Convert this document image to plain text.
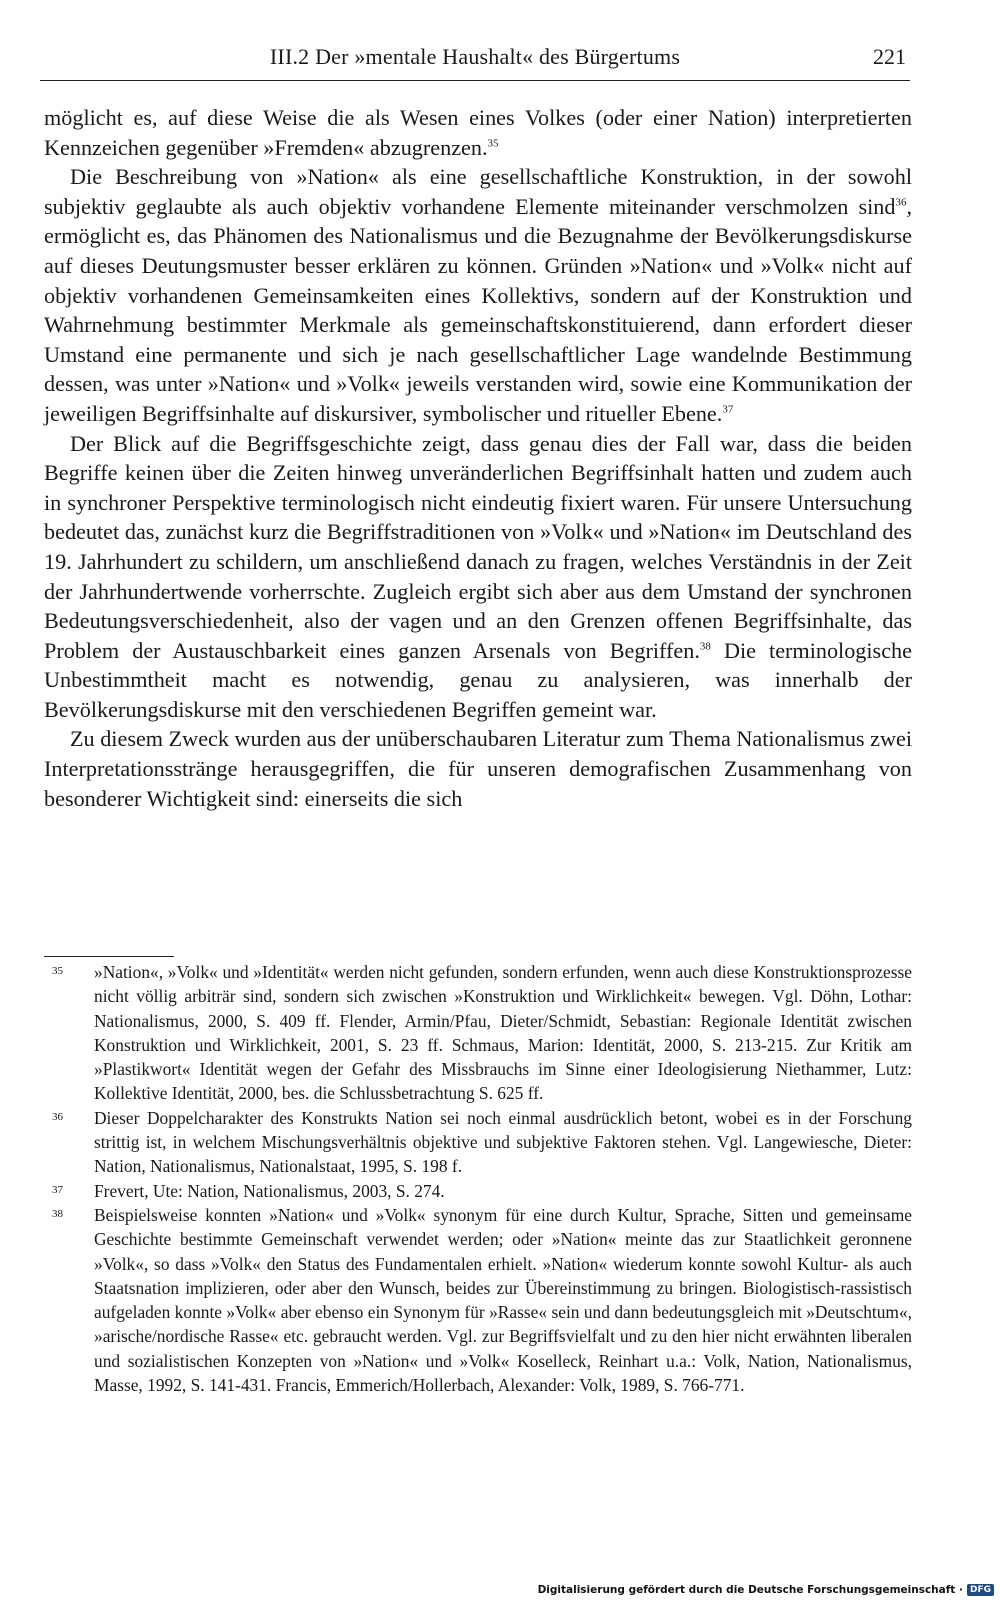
III.2 Der »mentale Haushalt« des Bürgertums	221

möglicht es, auf diese Weise die als Wesen eines Volkes (oder einer Nation) interpretierten Kennzeichen gegenüber »Fremden« abzugrenzen.$^{35}$

Die Beschreibung von »Nation« als eine gesellschaftliche Konstruktion, in der sowohl subjektiv geglaubte als auch objektiv vorhandene Elemente miteinander verschmolzen sind$^{36}$, ermöglicht es, das Phänomen des Nationalismus und die Bezugnahme der Bevölkerungsdiskurse auf dieses Deutungsmuster besser erklären zu können. Gründen »Nation« und »Volk« nicht auf objektiv vorhandenen Gemeinsamkeiten eines Kollektivs, sondern auf der Konstruktion und Wahrnehmung bestimmter Merkmale als gemeinschaftskonstituierend, dann erfordert dieser Umstand eine permanente und sich je nach gesellschaftlicher Lage wandelnde Bestimmung dessen, was unter »Nation« und »Volk« jeweils verstanden wird, sowie eine Kommunikation der jeweiligen Begriffsinhalte auf diskursiver, symbolischer und ritueller Ebene.$^{37}$

Der Blick auf die Begriffsgeschichte zeigt, dass genau dies der Fall war, dass die beiden Begriffe keinen über die Zeiten hinweg unveränderlichen Begriffsinhalt hatten und zudem auch in synchroner Perspektive terminologisch nicht eindeutig fixiert waren. Für unsere Untersuchung bedeutet das, zunächst kurz die Begriffstraditionen von »Volk« und »Nation« im Deutschland des 19. Jahrhundert zu schildern, um anschließend danach zu fragen, welches Verständnis in der Zeit der Jahrhundertwende vorherrschte. Zugleich ergibt sich aber aus dem Umstand der synchronen Bedeutungsverschiedenheit, also der vagen und an den Grenzen offenen Begriffsinhalte, das Problem der Austauschbarkeit eines ganzen Arsenals von Begriffen.$^{38}$ Die terminologische Unbestimmtheit macht es notwendig, genau zu analysieren, was innerhalb der Bevölkerungsdiskurse mit den verschiedenen Begriffen gemeint war.

Zu diesem Zweck wurden aus der unüberschaubaren Literatur zum Thema Nationalismus zwei Interpretationsstränge herausgegriffen, die für unseren demografischen Zusammenhang von besonderer Wichtigkeit sind: einerseits die sich

35	»Nation«, »Volk« und »Identität« werden nicht gefunden, sondern erfunden, wenn auch diese Konstruktionsprozesse nicht völlig arbiträr sind, sondern sich zwischen »Konstruktion und Wirklichkeit« bewegen. Vgl. Döhn, Lothar: Nationalismus, 2000, S. 409 ff. Flender, Armin/Pfau, Dieter/Schmidt, Sebastian: Regionale Identität zwischen Konstruktion und Wirklichkeit, 2001, S. 23 ff. Schmaus, Marion: Identität, 2000, S. 213-215. Zur Kritik am »Plastikwort« Identität wegen der Gefahr des Missbrauchs im Sinne einer Ideologisierung Niethammer, Lutz: Kollektive Identität, 2000, bes. die Schlussbetrachtung S. 625 ff.
36	Dieser Doppelcharakter des Konstrukts Nation sei noch einmal ausdrücklich betont, wobei es in der Forschung strittig ist, in welchem Mischungsverhältnis objektive und subjektive Faktoren stehen. Vgl. Langewiesche, Dieter: Nation, Nationalismus, Nationalstaat, 1995, S. 198 f.
37	Frevert, Ute: Nation, Nationalismus, 2003, S. 274.
38	Beispielsweise konnten »Nation« und »Volk« synonym für eine durch Kultur, Sprache, Sitten und gemeinsame Geschichte bestimmte Gemeinschaft verwendet werden; oder »Nation« meinte das zur Staatlichkeit geronnene »Volk«, so dass »Volk« den Status des Fundamentalen erhielt. »Nation« wiederum konnte sowohl Kultur- als auch Staatsnation implizieren, oder aber den Wunsch, beides zur Übereinstimmung zu bringen. Biologistisch-rassistisch aufgeladen konnte »Volk« aber ebenso ein Synonym für »Rasse« sein und dann bedeutungsgleich mit »Deutschtum«, »arische/nordische Rasse« etc. gebraucht werden. Vgl. zur Begriffsvielfalt und zu den hier nicht erwähnten liberalen und sozialistischen Konzepten von »Nation« und »Volk« Koselleck, Reinhart u.a.: Volk, Nation, Nationalismus, Masse, 1992, S. 141-431. Francis, Emmerich/Hollerbach, Alexander: Volk, 1989, S. 766-771.
Digitalisierung gefördert durch die Deutsche Forschungsgemeinschaft · DFG
